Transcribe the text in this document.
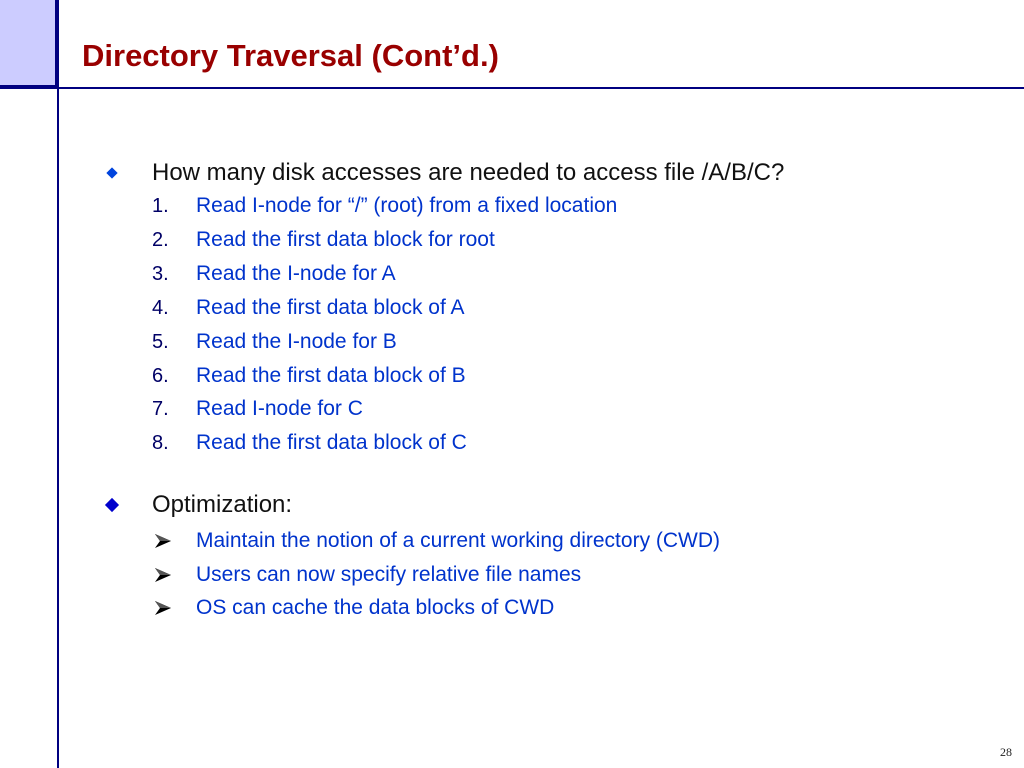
Directory Traversal (Cont’d.)
How many disk accesses are needed to access file /A/B/C?
1.	Read I-node for “/” (root) from a fixed location
2.	Read the first data block for root
3.	Read the I-node for A
4.	Read the first data block of A
5.	Read the I-node for B
6.	Read the first data block of B
7.	Read I-node for C
8.	Read the first data block of C
Optimization:
Maintain the notion of a current working directory (CWD)
Users can now specify relative file names
OS can cache the data blocks of CWD
28
